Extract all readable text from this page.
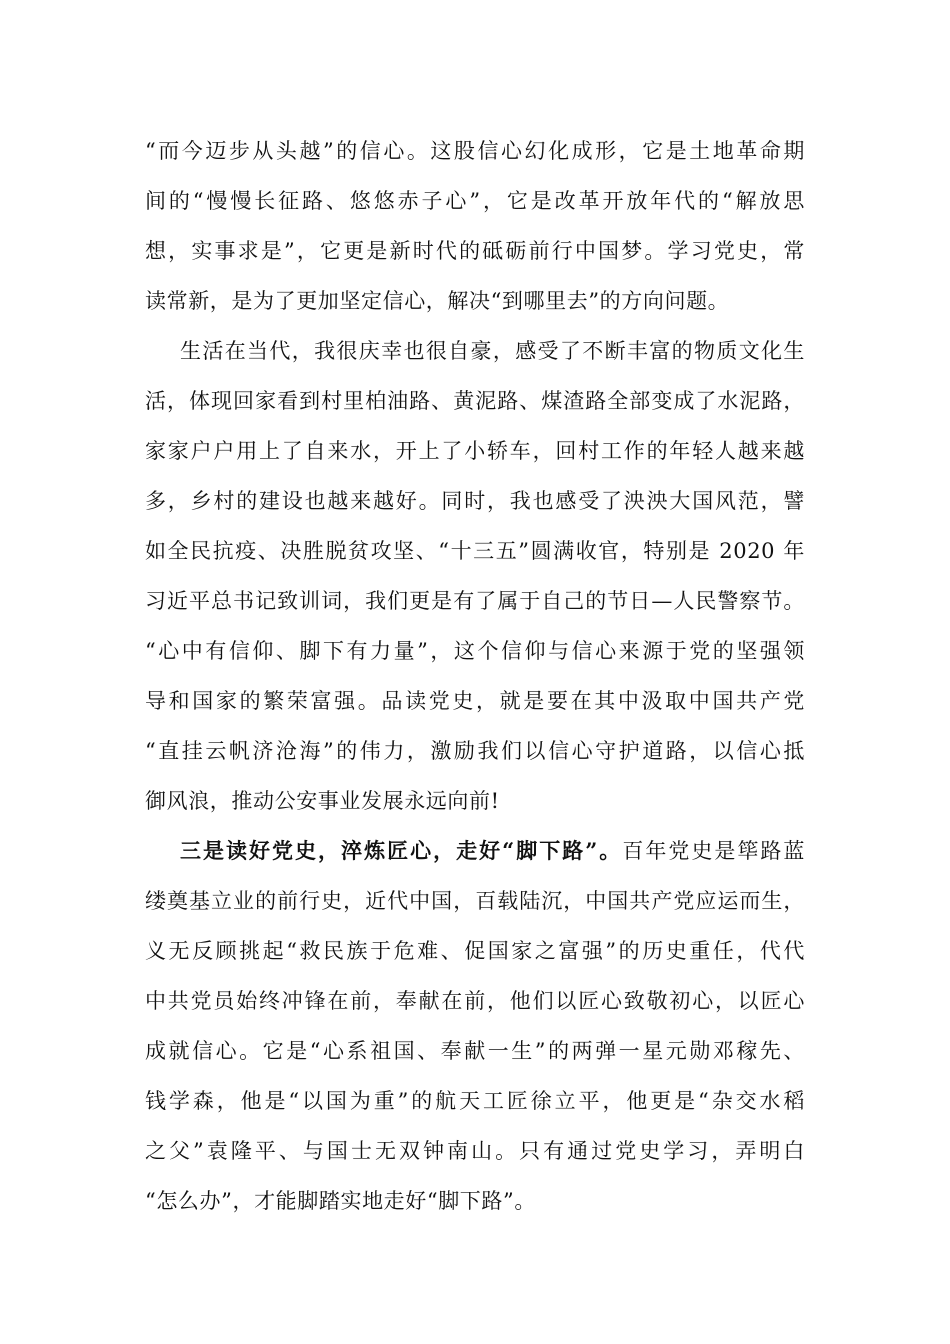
“而今迈步从头越”的信心。这股信心幻化成形，它是土地革命期
间的“慢慢长征路、悠悠赤子心”，它是改革开放年代的“解放思
想，实事求是”，它更是新时代的砥砺前行中国梦。学习党史，常
读常新，是为了更加坚定信心，解决“到哪里去”的方向问题。
生活在当代，我很庆幸也很自豪，感受了不断丰富的物质文化生
活，体现回家看到村里柏油路、黄泥路、煤渣路全部变成了水泥路，
家家户户用上了自来水，开上了小轿车，回村工作的年轻人越来越
多，乡村的建设也越来越好。同时，我也感受了泱泱大国风范，譬
如全民抗疫、决胜脱贫攻坚、“十三五”圆满收官，特别是 2020 年
习近平总书记致训词，我们更是有了属于自己的节日—人民警察节。
“心中有信仰、脚下有力量”，这个信仰与信心来源于党的坚强领
导和国家的繁荣富强。品读党史，就是要在其中汲取中国共产党
“直挂云帆济沧海”的伟力，激励我们以信心守护道路，以信心抵
御风浪，推动公安事业发展永远向前!
三是读好党史，淬炼匠心，走好“脚下路”。百年党史是筚路蓝
缕奠基立业的前行史，近代中国，百载陆沉，中国共产党应运而生，
义无反顾挑起“救民族于危难、促国家之富强”的历史重任，代代
中共党员始终冲锋在前，奉献在前，他们以匠心致敬初心，以匠心
成就信心。它是“心系祖国、奉献一生”的两弹一星元勋邓稼先、
钱学森，他是“以国为重”的航天工匠徐立平，他更是“杂交水稻
之父”袁隆平、与国士无双钟南山。只有通过党史学习，弄明白
“怎么办”，才能脚踏实地走好“脚下路”。
